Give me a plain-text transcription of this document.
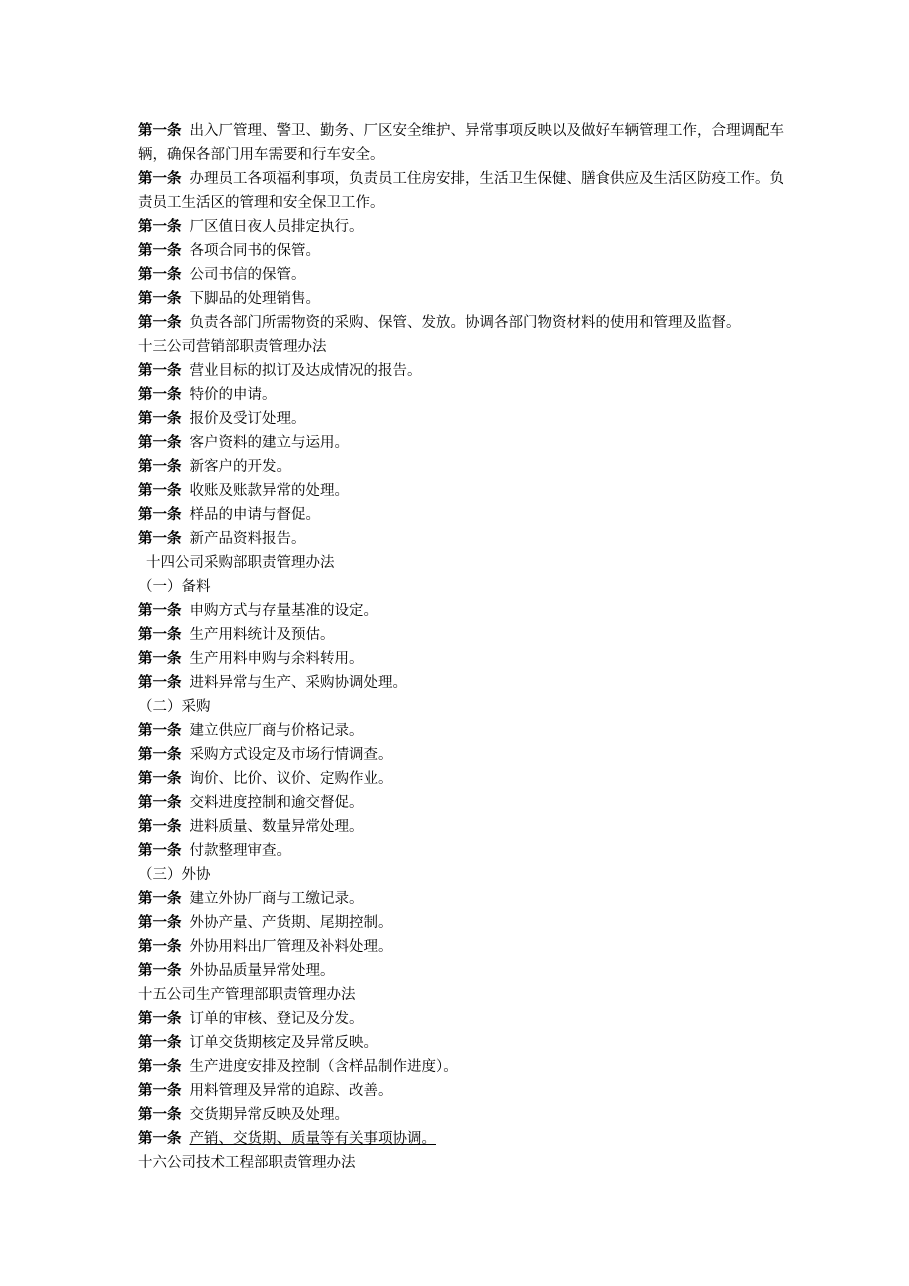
第一条 出入厂管理、警卫、勤务、厂区安全维护、异常事项反映以及做好车辆管理工作，合理调配车辆，确保各部门用车需要和行车安全。
第一条 办理员工各项福利事项，负责员工住房安排，生活卫生保健、膳食供应及生活区防疫工作。负责员工生活区的管理和安全保卫工作。
第一条 厂区值日夜人员排定执行。
第一条 各项合同书的保管。
第一条 公司书信的保管。
第一条 下脚品的处理销售。
第一条 负责各部门所需物资的采购、保管、发放。协调各部门物资材料的使用和管理及监督。
十三公司营销部职责管理办法
第一条 营业目标的拟订及达成情况的报告。
第一条 特价的申请。
第一条 报价及受订处理。
第一条 客户资料的建立与运用。
第一条 新客户的开发。
第一条 收账及账款异常的处理。
第一条 样品的申请与督促。
第一条 新产品资料报告。
十四公司采购部职责管理办法
（一）备料
第一条 申购方式与存量基准的设定。
第一条 生产用料统计及预估。
第一条 生产用料申购与余料转用。
第一条 进料异常与生产、采购协调处理。
（二）采购
第一条 建立供应厂商与价格记录。
第一条 采购方式设定及市场行情调查。
第一条 询价、比价、议价、定购作业。
第一条 交料进度控制和逾交督促。
第一条 进料质量、数量异常处理。
第一条 付款整理审查。
（三）外协
第一条 建立外协厂商与工缴记录。
第一条 外协产量、产货期、尾期控制。
第一条 外协用料出厂管理及补料处理。
第一条 外协品质量异常处理。
十五公司生产管理部职责管理办法
第一条 订单的审核、登记及分发。
第一条 订单交货期核定及异常反映。
第一条 生产进度安排及控制（含样品制作进度）。
第一条 用料管理及异常的追踪、改善。
第一条 交货期异常反映及处理。
第一条 产销、交货期、质量等有关事项协调。
十六公司技术工程部职责管理办法
